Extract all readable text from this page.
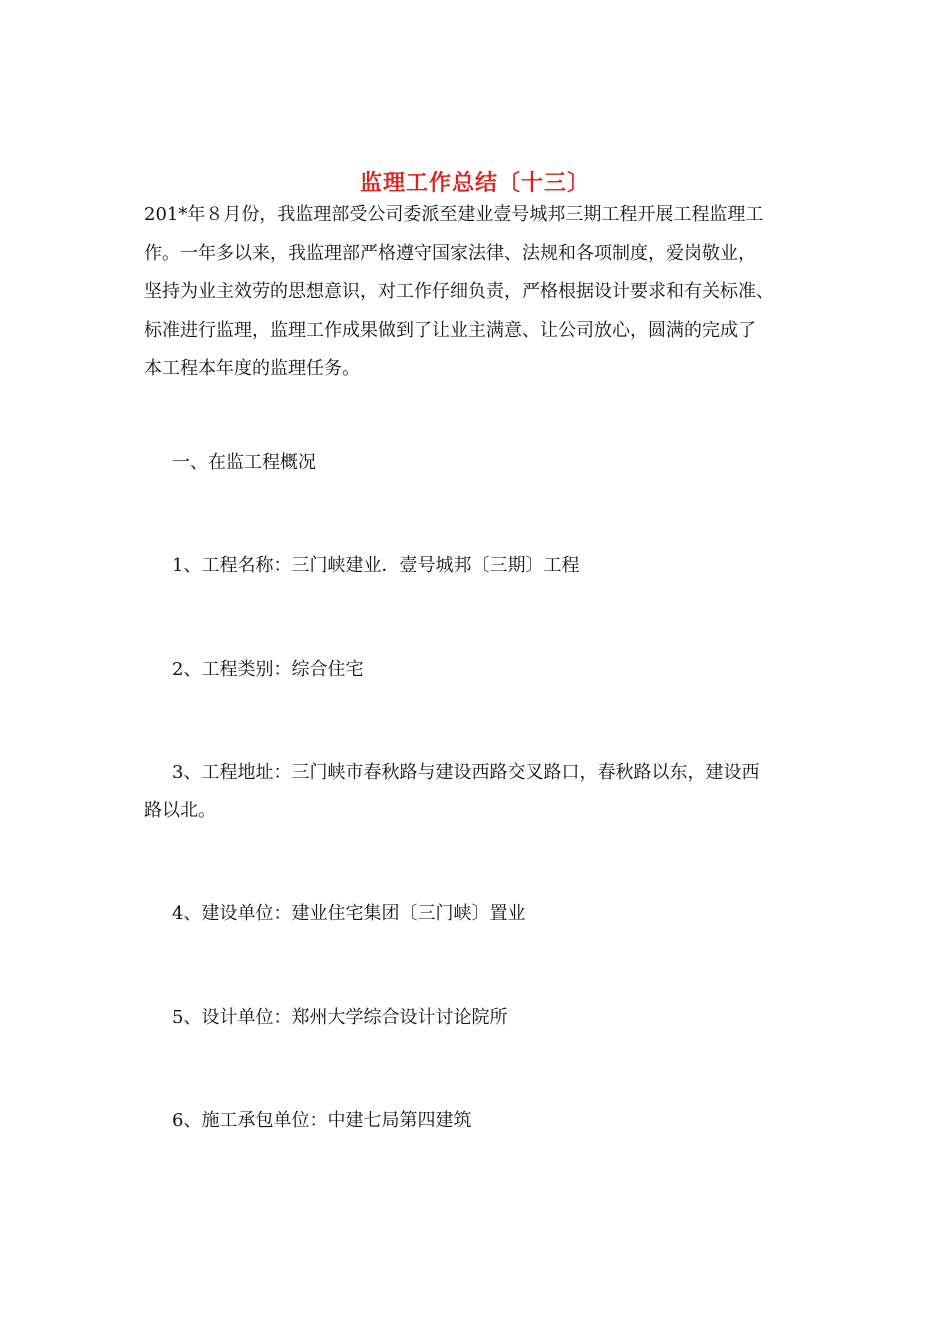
监理工作总结〔十三〕

201*年８月份，我监理部受公司委派至建业壹号城邦三期工程开展工程监理工
作。一年多以来，我监理部严格遵守国家法律、法规和各项制度，爱岗敬业，
坚持为业主效劳的思想意识，对工作仔细负责，严格根据设计要求和有关标准、
标准进行监理，监理工作成果做到了让业主满意、让公司放心，圆满的完成了
本工程本年度的监理任务。

一、在监工程概况

1、工程名称：三门峡建业．壹号城邦〔三期〕工程

2、工程类别：综合住宅

3、工程地址：三门峡市春秋路与建设西路交叉路口，春秋路以东，建设西
路以北。

4、建设单位：建业住宅集团〔三门峡〕置业

5、设计单位：郑州大学综合设计讨论院所

6、施工承包单位：中建七局第四建筑
